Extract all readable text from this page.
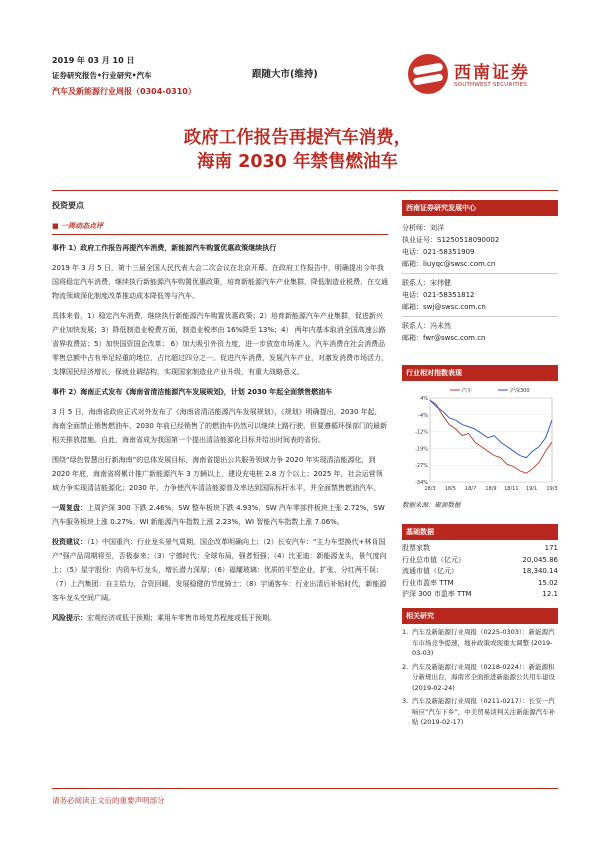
2019 年 03 月 10 日
证券研究报告•行业研究•汽车
汽车及新能源行业周报（0304-0310）
跟随大市(维持)	西南证券
SOUTHWEST SECURITIES
政府工作报告再提汽车消费，
海南 2030 年禁售燃油车
投资要点
■ 一周动态点评
事件 1）政府工作报告再提汽车消费，新能源汽车购置优惠政策继续执行
2019 年 3 月 5 日，第十三届全国人民代表大会二次会议在北京开幕。在政府工作报告中，明确提出今年我国将稳定汽车消费，继续执行新能源汽车购置优惠政策，培育新能源汽车产业集群，降低制造业税费，在交通物流领域深化制度改革推动成本降低等与汽车。
具体来看，1）稳定汽车消费，继续执行新能源汽车购置优惠政策；2）培育新能源汽车产业集群，促进新兴产业加快发展；3）降低制造业税费方面，制造业税率由 16%降至 13%；4） 两年内基本取消全国高速公路省界收费站；5）加快国资国企改革； 6）加大吸引外资力度，进一步放宽市场准入。汽车消费在社会消费品零售总额中占有举足轻重的地位，占比超过四分之一。促进汽车消费，发展汽车产业，对激发消费市场活力，支撑国民经济增长，保就业调结构，实现国家制造业产业升级，有重大战略意义。
事件 2）海南正式发布《海南省清洁能源汽车发展规划》，计划 2030 年起全面禁售燃油车
3 月 5 日，海南省政府正式对外发布了《海南省清洁能源汽车发展规划》，《规划》明确提出，2030 年起，海南全面禁止销售燃油车，2030 年前已经销售了的燃油车仍然可以继续上路行驶，但要遵循环保部门的最新相关排放措施。自此，海南省成为我国第一个提出清洁能源化目标并给出时间表的省份。
围绕“绿色智慧出行新海南”的总体发展目标，海南省提出公共服务领域力争 2020 年实现清洁能源化，到 2020 年底，海南省将累计推广新能源汽车 3 万辆以上，建设充电桩 2.8 万个以上；2025 年，社会运营领域力争实现清洁能源化；2030 年，力争使汽车清洁能源普及率达到国际标杆水平，并全面禁售燃油汽车。
一周复盘：上周沪深 300 下跌 2.46%，SW 整车板块下跌 4.93%，SW 汽车零部件板块上张 2.72%，SW 汽车服务板块上涨 0.27%。WI 新能源汽车指数上涨 2.23%，WI 智能汽车指数上涨 7.06%。
投资建议：（1）中国重汽：行业龙头景气周期，国企改革明确向上；（2）长安汽车：“主力车型换代+林肯国产”强产品周期将至，否极泰来；（3）宁德时代：全球布局，强者恒强；（4）比亚迪：新能源龙头，景气度向上；（5）星宇股份：内资车灯龙头，增长潜力深厚；（6）福耀玻璃：优质的平型企业，扩张、分红两不误；（7）上汽集团：自主给力，合资回暖，发展稳健的节度骑士；（8）宇通客车：行业出清后补贴时代，新能源客车龙头空间广阔。
风险提示：宏观经济或低于预期；乘用车零售市场复苏程度或低于预期。
西南证券研究发展中心
分析师：刘洋
执业证号：S1250518090002
电话：021-58351909
邮箱：liuyqc@swsc.com.cn
联系人：宋伟健
电话：021-58351812
邮箱：swj@swsc.com.cn
联系人：冯未然
邮箱：fwr@swsc.com.cn
行业相对指数表现
4%
-4%
-12%
-19%
-27%
-34%
18/3 18/5 18/7 18/9 18/11 19/1 19/3
汽车	沪深300
数据来源：聚源数据
基础数据
股票家数	171
行业总市值（亿元）	20,045.86
流通市值（亿元）	18,340.14
行业市盈率 TTM	15.02
沪深 300 市盈率 TTM	12.1
相关研究
1. 汽车及新能源行业周报（0225-0303）：新能源汽车市场竞争提速，地补政策或现重大调整 (2019-03-03)
2. 汽车及新能源行业周报（0218-0224）：新能源积分新规出台，海南省全面推进新能源公共用车建设 (2019-02-24)
3. 汽车及新能源行业周报（0211-0217）：长安一汽响应“汽车下乡”，中美贸易谈判关注新能源汽车补贴 (2019-02-17)
请务必阅读正文后的重要声明部分
